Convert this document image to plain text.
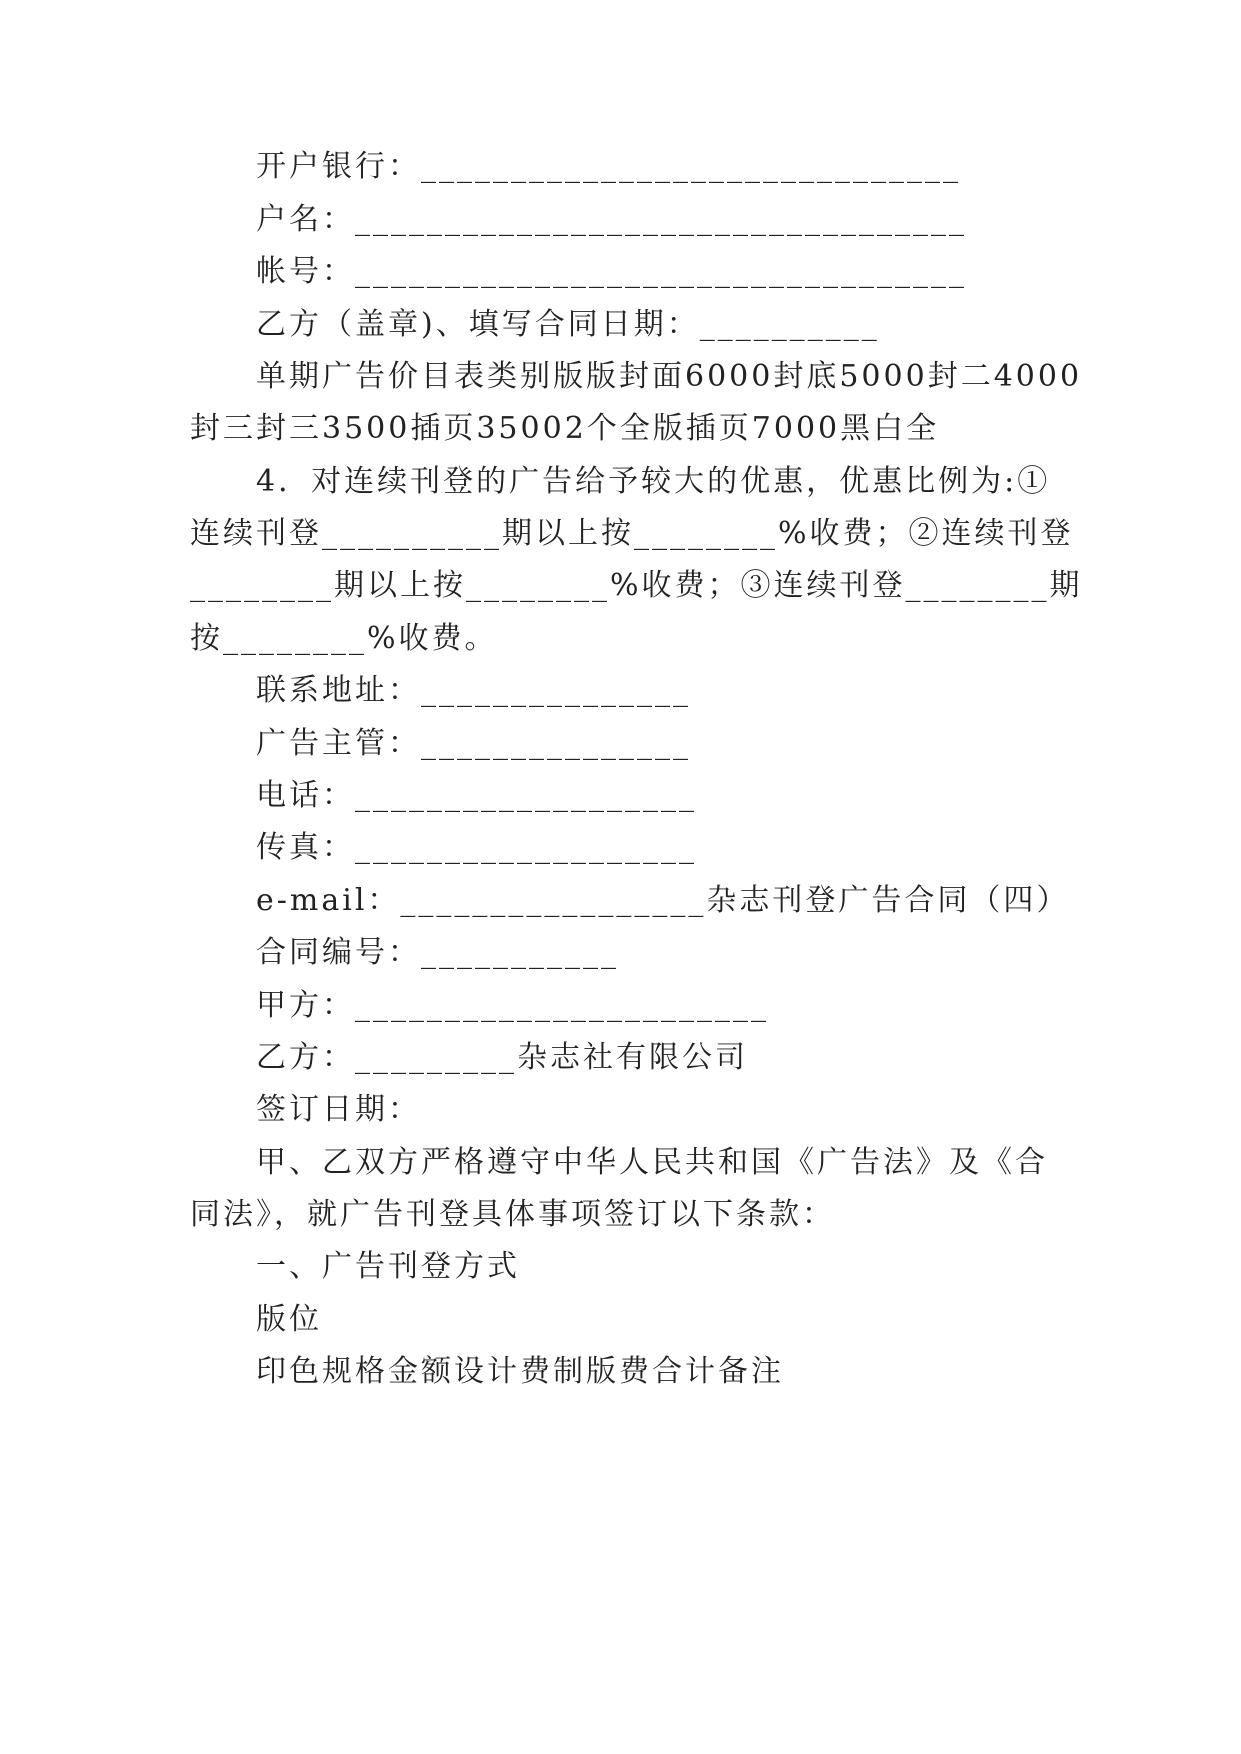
开户银行：______________________________
户名：__________________________________
帐号：__________________________________
乙方（盖章)、填写合同日期：__________
单期广告价目表类别版版封面6000封底5000封二4000
封三封三3500插页35002个全版插页7000黑白全
4．对连续刊登的广告给予较大的优惠，优惠比例为:①
连续刊登__________期以上按________%收费；②连续刊登
________期以上按________%收费；③连续刊登________期
按________%收费。
联系地址：_______________
广告主管：_______________
电话：___________________
传真：___________________
e-mail：_________________杂志刊登广告合同（四）
合同编号：___________
甲方：_______________________
乙方：_________杂志社有限公司
签订日期：
甲、乙双方严格遵守中华人民共和国《广告法》及《合
同法》，就广告刊登具体事项签订以下条款：
一、广告刊登方式
版位
印色规格金额设计费制版费合计备注
